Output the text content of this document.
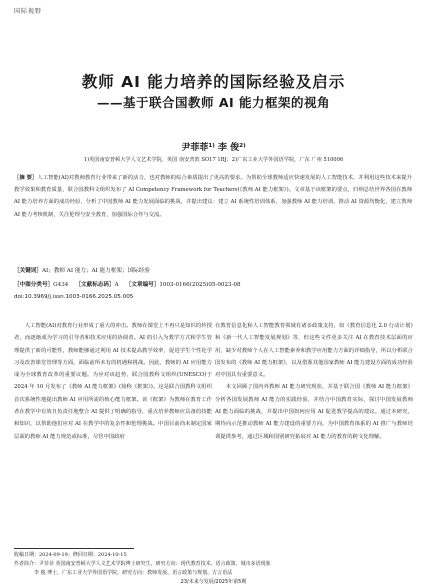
国际视野
教师 AI 能力培养的国际经验及启示
——基于联合国教师 AI 能力框架的视角
尹菲菲¹⁾ 李 俊²⁾
1)英国南安普顿大学人文艺术学院，英国 南安普敦 SO17 1BJ；2)广东工业大学外国语学院，广东 广州 510006
［摘 要］人工智能(AI)对教师教育行业带来了新的活力，也对教师的综合素质提出了更高的要求。为帮助全球教师适应快速发展的人工智能技术，并利用这些技术来提升教学效果和教育质量，联合国教科文组织发布了 AI Competency Framework for Teachers(《教师 AI 能力框架》)。文章基于该框架的要点，归纳总结世界各国在教师 AI 能力培养方面的成功经验，分析了中国教师 AI 能力发展面临的挑战，并提出建议：建立 AI 系统性培训体系，加强教师 AI 能力培训，推动 AI 资源均衡化，建立教师 AI 能力考核机制，关注伦理与安全教育，加强国际合作与交流。
［关键词］AI；教师 AI 能力；AI 能力框架；国际经验
［中图分类号］G434 ［文献标志码］A ［文章编号］1003-0166(2025)05-0023-08
doi:10.3969/j.issn.1003-0166.2025.05.005

人工智能(AI)对教育行业形成了重大的冲击。教师在课堂上不再只是知识的传授者，而逐渐成为学习的引导者和技术应用的协调者。AI 的引入为教学方式和学生管理提供了新的可能性，教师能够通过利用 AI 技术提高教学效率，促进学生个性化学习及改善课堂管理等方面，面临前所未有的机遇和挑战。因此，教师的 AI 应用能力成为全球教育改革的重要议题。为应对该趋势，联合国教科文组织(UNESCO)于 2024 年 10 月发布了《教师 AI 能力框架》(简称《框架》)。这是联合国教科文组织首次系统性地提出教师 AI 应用所需的核心能力框架。该《框架》为教师在教育工作者在教学中有效且负责任地整合 AI 提供了明确的指导，重点培养教师应具备的技能和知识，以帮助他们应对 AI 在教学中的复杂性和伦理挑战。中国目前尚未制定国家层面的教师 AI 能力规范或标准，尽管中国政府

在教育信息化和人工智能教育领域有诸多政策支持，如《教育信息化 2.0 行动计划》和《新一代人工智能发展规划》等，但这些文件更多关注 AI 在教育技术层面的应用，缺少对教师个人在人工智能素养和教学应用能力方面的详细指导，所以分析联合国发布的《教师 AI 能力框架》，以及借鉴其他国家教师 AI 能力建设方面的成功经验对中国具有重要意义。

本文回顾了国内外教师 AI 能力研究现状，并基于联合国《教师 AI 能力框架》分析各国发展教师 AI 能力的实践经验，并结合中国教育实际，探讨中国发展教师 AI 能力面临的挑战，并提出中国如何应用 AI 促进教学提高的建议。通过本研究，期待向示范推动教师 AI 能力建设的重要方向，为中国教育体系的 AI 推广与教师培训提供参考，通过区域和国别研究拓展对 AI 能力的教育的跨文化理解。

收稿日期：2024-09-19；修回日期：2024-10-15
作者简介：尹菲菲 英国南安普顿大学人文艺术学院博士研究生，研究方向：现代教育技术、语言政策、城市多语现象
李 俊 博士，广东工业大学外国语学院，研究方向：教师发展、语言政策与规划、方言语法
23/未来与发展/2025年第5期
